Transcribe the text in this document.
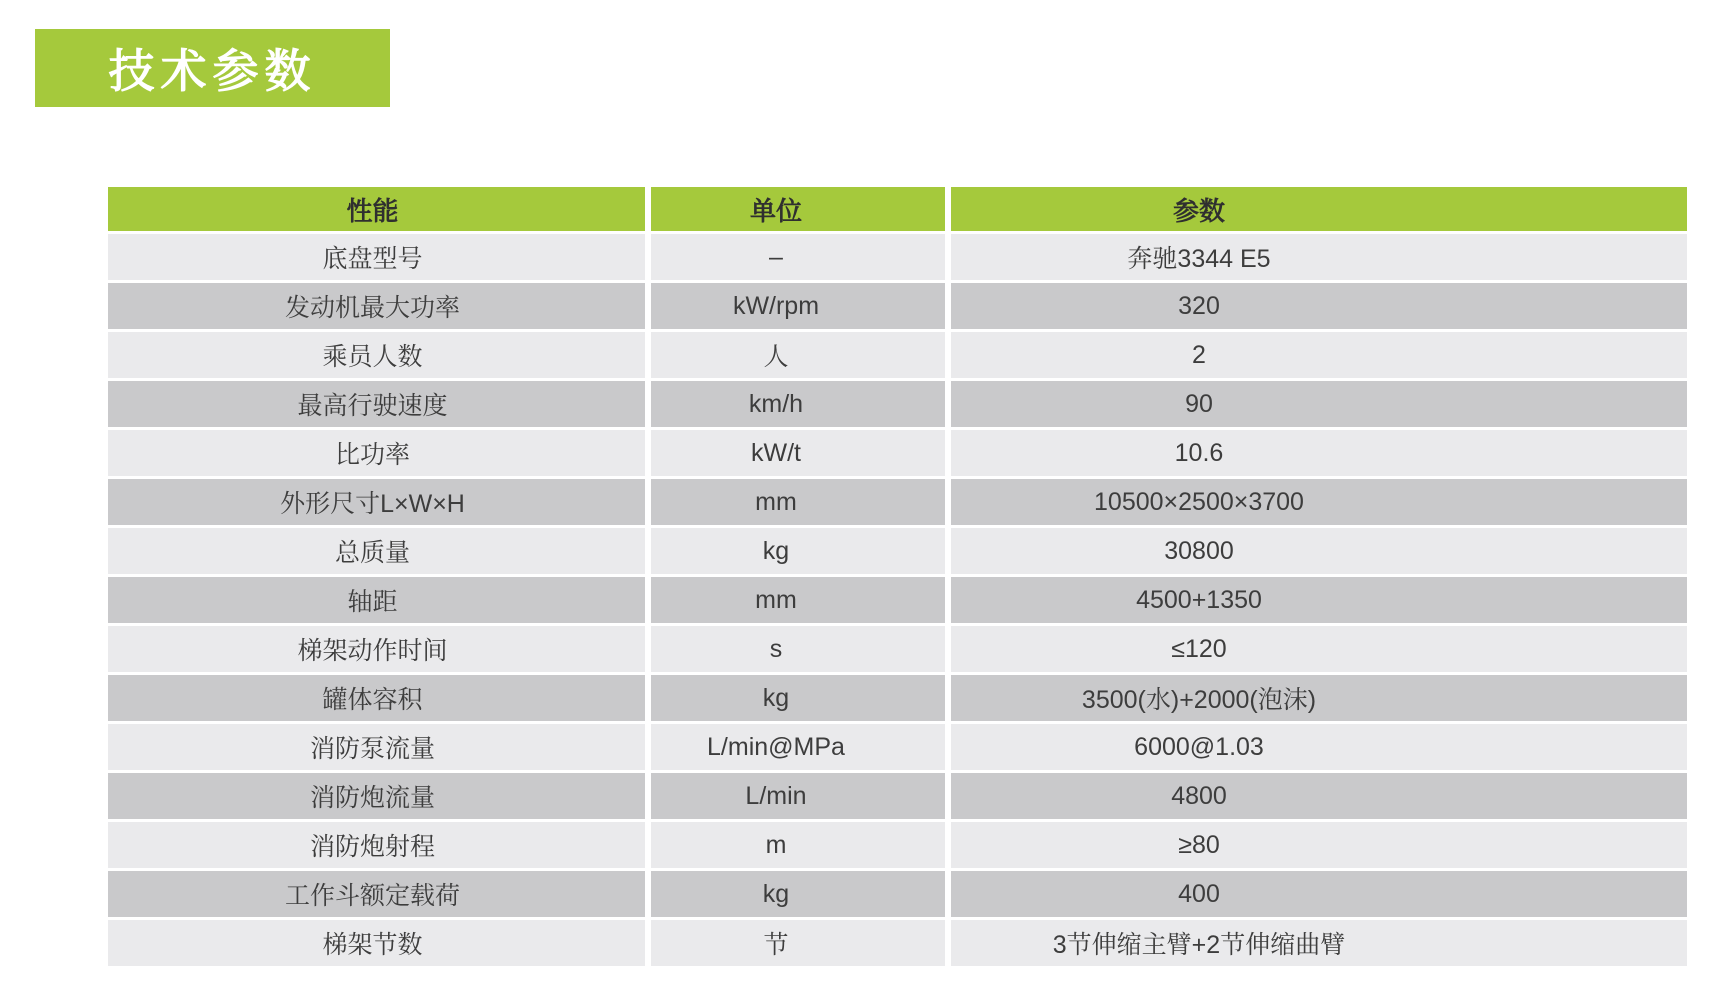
技术参数
性能	单位	参数
底盘型号	–	奔驰3344 E5
发动机最大功率	kW/rpm	320
乘员人数	人	2
最高行驶速度	km/h	90
比功率	kW/t	10.6
外形尺寸L×W×H	mm	10500×2500×3700
总质量	kg	30800
轴距	mm	4500+1350
梯架动作时间	s	≤120
罐体容积	kg	3500(水)+2000(泡沫)
消防泵流量	L/min@MPa	6000@1.03
消防炮流量	L/min	4800
消防炮射程	m	≥80
工作斗额定载荷	kg	400
梯架节数	节	3节伸缩主臂+2节伸缩曲臂
